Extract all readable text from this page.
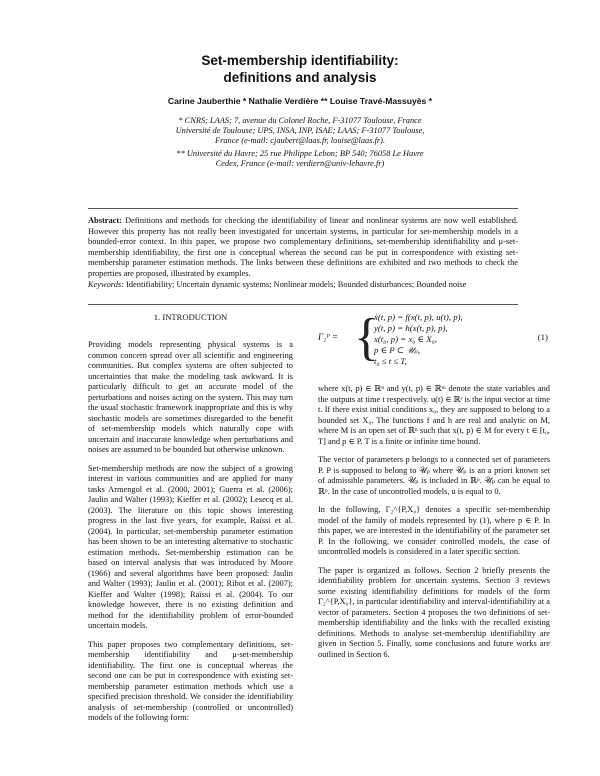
Set-membership identifiability:
definitions and analysis
Carine Jauberthie * Nathalie Verdière ** Louise Travé-Massuyès *
* CNRS; LAAS; 7, avenue du Colonel Roche, F-31077 Toulouse, France
Université de Toulouse; UPS, INSA, INP, ISAE; LAAS; F-31077 Toulouse,
France (e-mail: cjaubert@laas.fr, louise@laas.fr).
** Université du Havre; 25 rue Philippe Lebon; BP 540; 76058 Le Havre
Cedex, France (e-mail: verdiern@univ-lehavre.fr)
Abstract: Definitions and methods for checking the identifiability of linear and nonlinear systems are now well established. However this property has not really been investigated for uncertain systems, in particular for set-membership models in a bounded-error context. In this paper, we propose two complementary definitions, set-membership identifiability and μ-set-membership identifiability, the first one is conceptual whereas the second can be put in correspondence with existing set-membership parameter estimation methods. The links between these definitions are exhibited and two methods to check the properties are proposed, illustrated by examples.
Keywords: Identifiability; Uncertain dynamic systems; Nonlinear models; Bounded disturbances; Bounded noise
1. INTRODUCTION

Providing models representing physical systems is a common concern spread over all scientific and engineering communities. But complex systems are often subjected to uncertainties that make the modeling task awkward. It is particularly difficult to get an accurate model of the perturbations and noises acting on the system. This may turn the usual stochastic framework inappropriate and this is why stochastic models are sometimes disregarded to the benefit of set-membership models which naturally cope with uncertain and inaccurate knowledge when perturbations and noises are assumed to be bounded but otherwise unknown.

Set-membership methods are now the subject of a growing interest in various communities and are applied for many tasks Armengol et al. (2000, 2001); Guerra et al. (2006); Jaulin and Walter (1993); Kieffer et al. (2002); Lesecq et al. (2003). The literature on this topic shows interesting progress in the last five years, for example, Raïssi et al. (2004). In particular, set-membership parameter estimation has been shown to be an interesting alternative to stochastic estimation methods. Set-membership estimation can be based on interval analysis that was introduced by Moore (1966) and several algorithms have been proposed: Jaulin and Walter (1993); Jaulin et al. (2001); Ribot et al. (2007); Kieffer and Walter (1998); Raïssi et al. (2004). To our knowledge however, there is no existing definition and method for the identifiability problem of error-bounded uncertain models.

This paper proposes two complementary definitions, set-membership identifiability and μ-set-membership identifiability. The first one is conceptual whereas the second one can be put in correspondence with existing set-membership parameter estimation methods which use a specified precision threshold. We consider the identifiability analysis of set-membership (controlled or uncontrolled) models of the following form:

Γ₁ᴾ = {
ẋ(t, p) = f(x(t, p), u(t), p),
y(t, p) = h(x(t, p), p),
x(t₀, p) = x₀ ∈ X₀,
p ∈ P ⊂ 𝒰ₚ,
t₀ ≤ t ≤ T,
(1)

where x(t, p) ∈ ℝⁿ and y(t, p) ∈ ℝᵐ denote the state variables and the outputs at time t respectively. u(t) ∈ ℝʳ is the input vector at time t. If there exist initial conditions x₀, they are supposed to belong to a bounded set X₀. The functions f and h are real and analytic on M, where M is an open set of ℝⁿ such that x(t, p) ∈ M for every t ∈ [t₀, T] and p ∈ P. T is a finite or infinite time bound.

The vector of parameters p belongs to a connected set of parameters P. P is supposed to belong to 𝒰ₚ where 𝒰ₚ is an a priori known set of admissible parameters. 𝒰ₚ is included in ℝᵖ. 𝒰ₚ can be equal to ℝᵖ. In the case of uncontrolled models, u is equal to 0.

In the following, Γ₂^{P,X₀} denotes a specific set-membership model of the family of models represented by (1), where p ∈ P. In this paper, we are interested in the identifiability of the parameter set P. In the following, we consider controlled models, the case of uncontrolled models is considered in a later specific section.

The paper is organized as follows. Section 2 briefly presents the identifiability problem for uncertain systems. Section 3 reviews some existing identifiability definitions for models of the form Γ₂^{P,X₀}, in particular identifiability and interval-identifiability at a vector of parameters. Section 4 proposes the two definitions of set-membership identifiability and the links with the recalled existing definitions. Methods to analyse set-membership identifiability are given in Section 5. Finally, some conclusions and future works are outlined in Section 6.
